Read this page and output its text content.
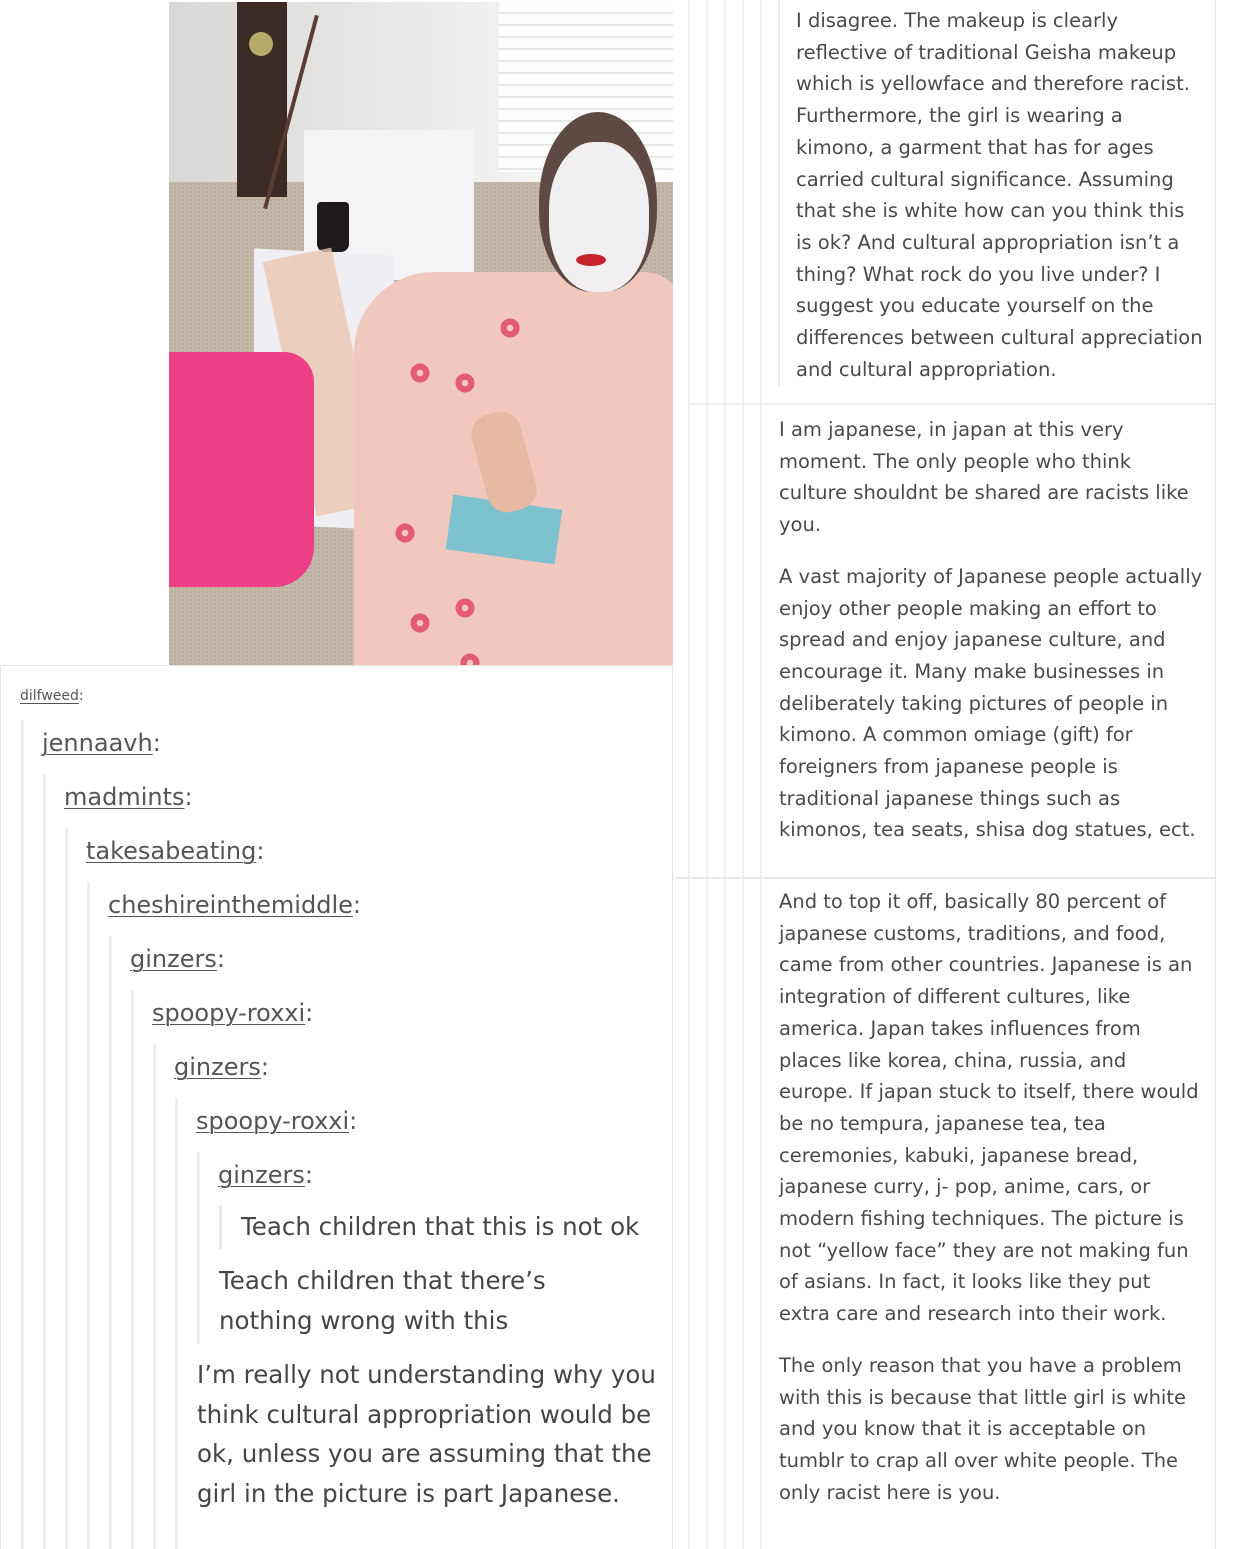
dilfweed:
jennaavh:
madmints:
takesabeating:
cheshireinthemiddle:
ginzers:
spoopy-roxxi:
ginzers:
spoopy-roxxi:
ginzers:
Teach children that this is not ok
Teach children that there’s nothing wrong with this
I’m really not understanding why you think cultural appropriation would be ok, unless you are assuming that the girl in the picture is part Japanese.

I disagree. The makeup is clearly reflective of traditional Geisha makeup which is yellowface and therefore racist. Furthermore, the girl is wearing a kimono, a garment that has for ages carried cultural significance. Assuming that she is white how can you think this is ok? And cultural appropriation isn’t a thing? What rock do you live under? I suggest you educate yourself on the differences between cultural appreciation and cultural appropriation.

I am japanese, in japan at this very moment. The only people who think culture shouldnt be shared are racists like you.

A vast majority of Japanese people actually enjoy other people making an effort to spread and enjoy japanese culture, and encourage it. Many make businesses in deliberately taking pictures of people in kimono. A common omiage (gift) for foreigners from japanese people is traditional japanese things such as kimonos, tea seats, shisa dog statues, ect.

And to top it off, basically 80 percent of japanese customs, traditions, and food, came from other countries. Japanese is an integration of different cultures, like america. Japan takes influences from places like korea, china, russia, and europe. If japan stuck to itself, there would be no tempura, japanese tea, tea ceremonies, kabuki, japanese bread, japanese curry, j- pop, anime, cars, or modern fishing techniques. The picture is not “yellow face” they are not making fun of asians. In fact, it looks like they put extra care and research into their work.

The only reason that you have a problem with this is because that little girl is white and you know that it is acceptable on tumblr to crap all over white people. The only racist here is you.
